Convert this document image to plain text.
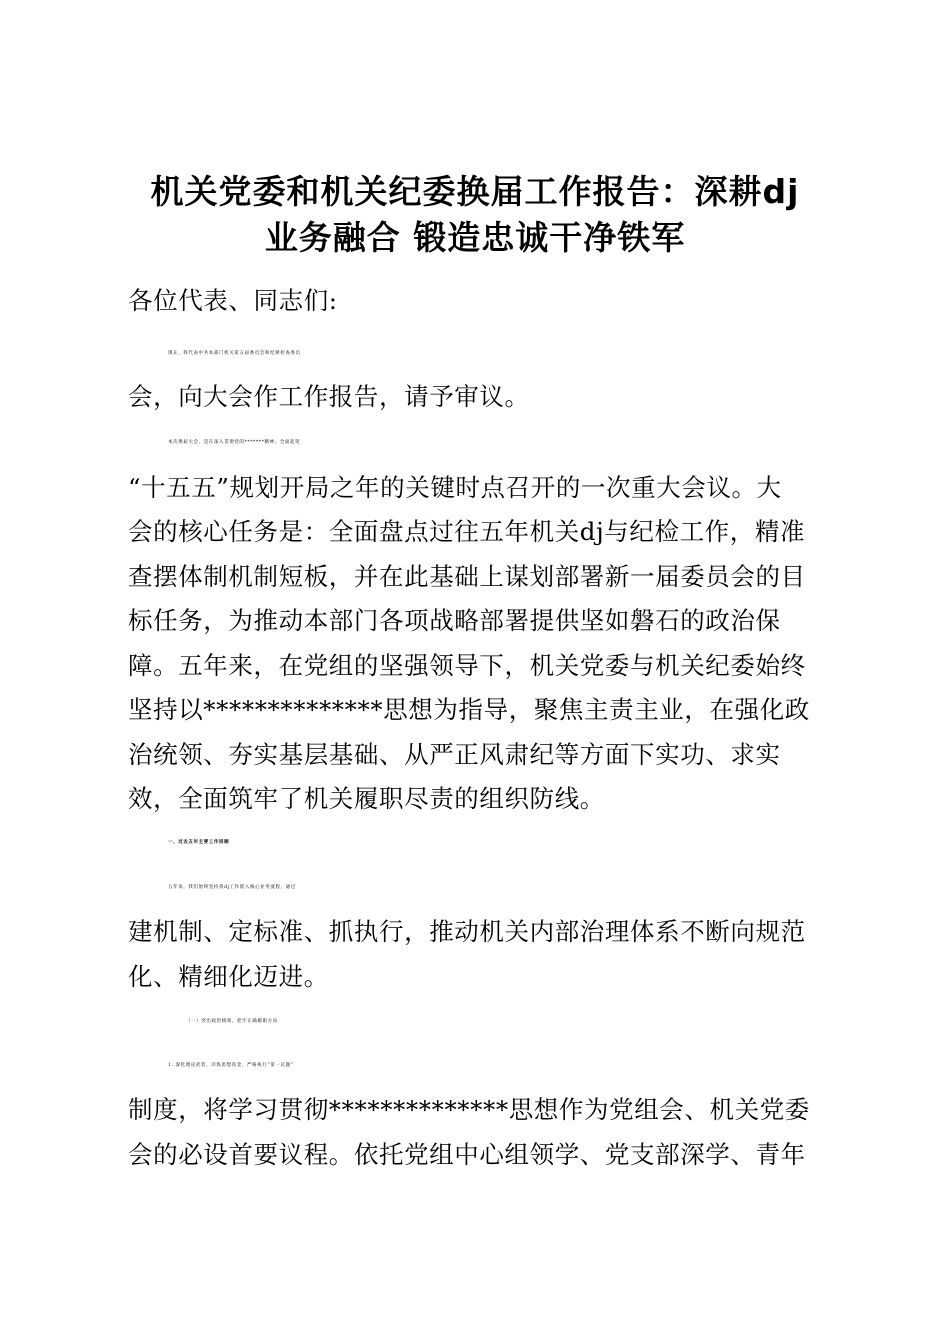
机关党委和机关纪委换届工作报告：深耕dj
业务融合 锻造忠诚干净铁军
各位代表、同志们:
现在，我代表中共本部门机关第五届委员会和纪律检查委员
会，向大会作工作报告，请予审议。
本次换届大会，是在深入贯彻党的*******精神、全面起笔
“十五五”规划开局之年的关键时点召开的一次重大会议。大
会的核心任务是：全面盘点过往五年机关dj与纪检工作，精准
查摆体制机制短板，并在此基础上谋划部署新一届委员会的目
标任务，为推动本部门各项战略部署提供坚如磐石的政治保
障。五年来，在党组的坚强领导下，机关党委与机关纪委始终
坚持以**************思想为指导，聚焦主责主业，在强化政
治统领、夯实基层基础、从严正风肃纪等方面下实功、求实
效，全面筑牢了机关履职尽责的组织防线。
一、过去五年主要工作回顾
五年来，我们始终坚持将dj工作嵌入核心业务流程，通过
建机制、定标准、抓执行，推动机关内部治理体系不断向规范
化、精细化迈进。
（一）突出政治统领，把牢正确履职方向
1. 深化理论武装，淬炼思想真金。严格执行“第一议题”
制度，将学习贯彻**************思想作为党组会、机关党委
会的必设首要议程。依托党组中心组领学、党支部深学、青年
